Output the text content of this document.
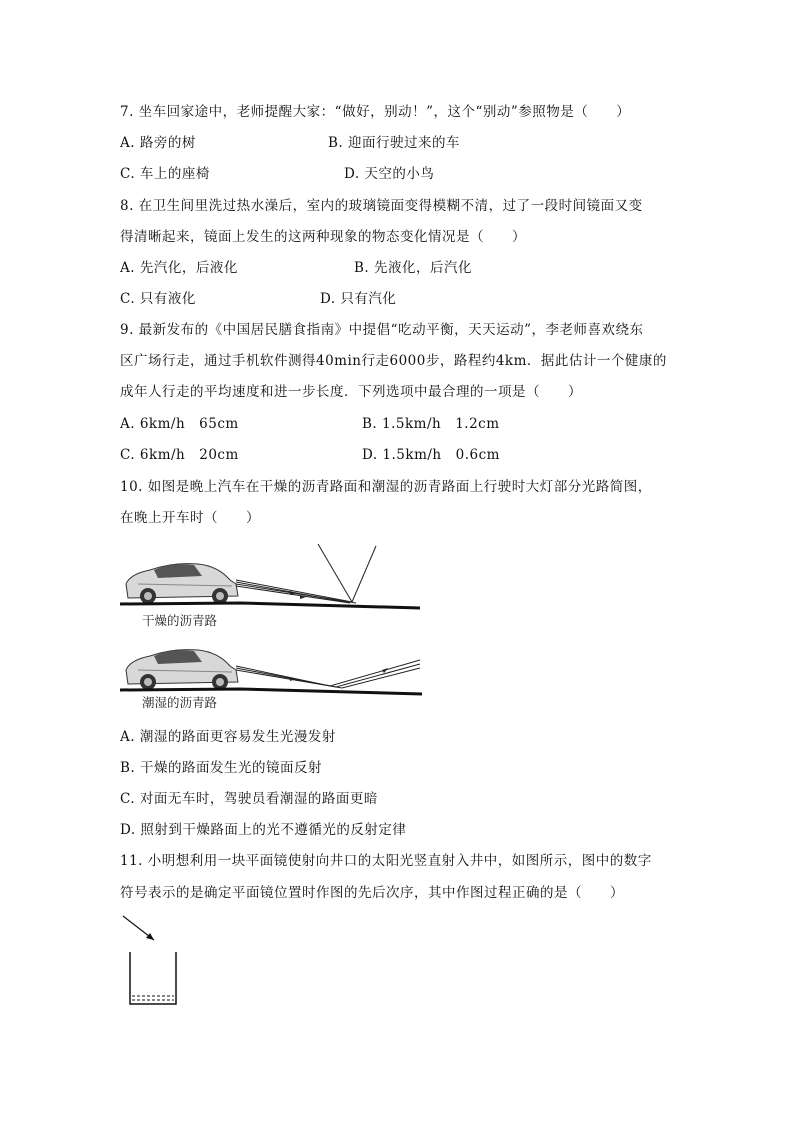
7. 坐车回家途中，老师提醒大家：“做好，别动！”，这个“别动”参照物是（　　）
A. 路旁的树	B. 迎面行驶过来的车
C. 车上的座椅	D. 天空的小鸟
8. 在卫生间里洗过热水澡后，室内的玻璃镜面变得模糊不清，过了一段时间镜面又变
得清晰起来，镜面上发生的这两种现象的物态变化情况是（　　）
A. 先汽化，后液化	B. 先液化，后汽化
C. 只有液化	D. 只有汽化
9. 最新发布的《中国居民膳食指南》中提倡“吃动平衡，天天运动”，李老师喜欢绕东
区广场行走，通过手机软件测得40min行走6000步，路程约4km．据此估计一个健康的
成年人行走的平均速度和进一步长度．下列选项中最合理的一项是（　　）
A. 6km/h　65cm	B. 1.5km/h　1.2cm
C. 6km/h　20cm	D. 1.5km/h　0.6cm
10. 如图是晚上汽车在干燥的沥青路面和潮湿的沥青路面上行驶时大灯部分光路简图，
在晚上开车时（　　）
干燥的沥青路
潮湿的沥青路
A. 潮湿的路面更容易发生光漫发射
B. 干燥的路面发生光的镜面反射
C. 对面无车时，驾驶员看潮湿的路面更暗
D. 照射到干燥路面上的光不遵循光的反射定律
11. 小明想利用一块平面镜使射向井口的太阳光竖直射入井中，如图所示，图中的数字
符号表示的是确定平面镜位置时作图的先后次序，其中作图过程正确的是（　　）
